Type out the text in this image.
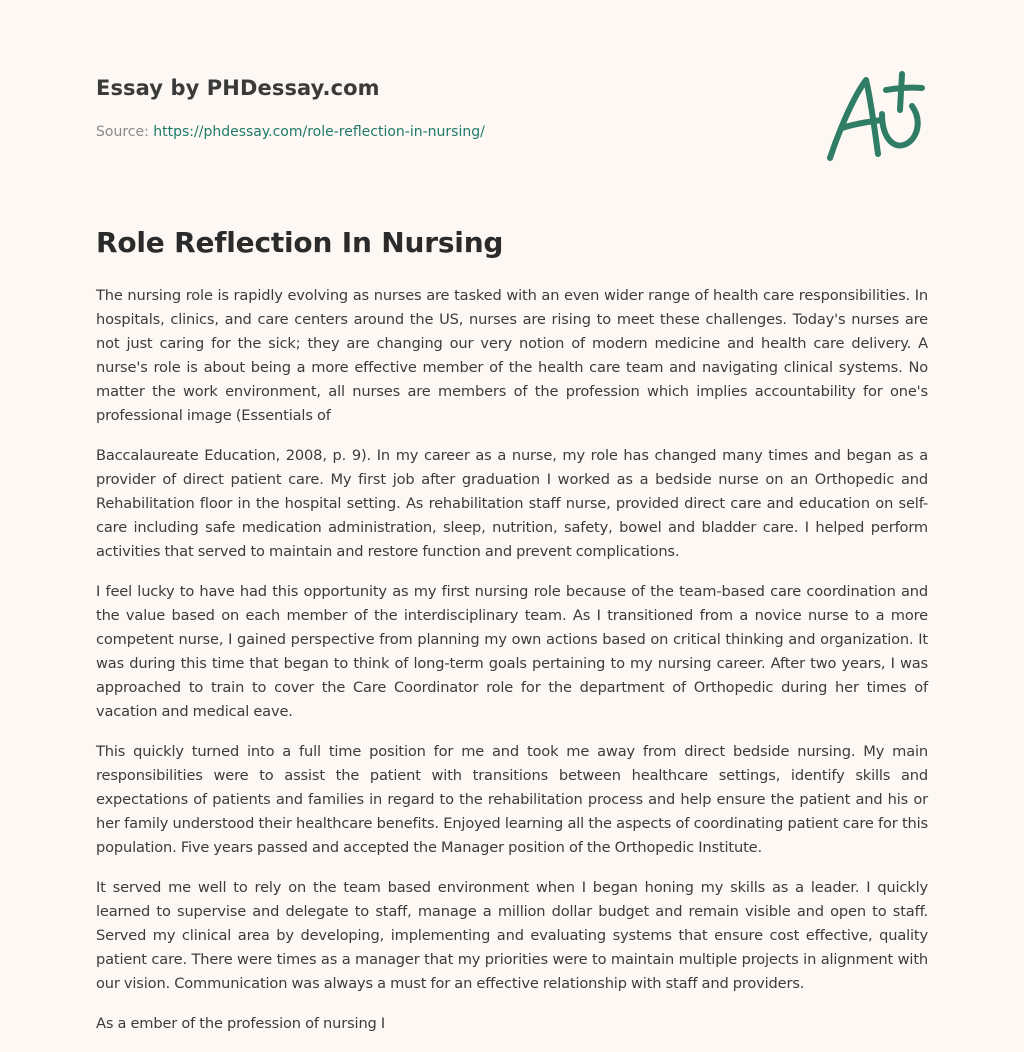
Essay by PHDessay.com
Source: https://phdessay.com/role-reflection-in-nursing/
Role Reflection In Nursing

The nursing role is rapidly evolving as nurses are tasked with an even wider range of health care responsibilities. In hospitals, clinics, and care centers around the US, nurses are rising to meet these challenges. Today's nurses are not just caring for the sick; they are changing our very notion of modern medicine and health care delivery. A nurse's role is about being a more effective member of the health care team and navigating clinical systems. No matter the work environment, all nurses are members of the profession which implies accountability for one's professional image (Essentials of

Baccalaureate Education, 2008, p. 9). In my career as a nurse, my role has changed many times and began as a provider of direct patient care. My first job after graduation I worked as a bedside nurse on an Orthopedic and Rehabilitation floor in the hospital setting. As rehabilitation staff nurse, provided direct care and education on self-care including safe medication administration, sleep, nutrition, safety, bowel and bladder care. I helped perform activities that served to maintain and restore function and prevent complications.

I feel lucky to have had this opportunity as my first nursing role because of the team-based care coordination and the value based on each member of the interdisciplinary team. As I transitioned from a novice nurse to a more competent nurse, I gained perspective from planning my own actions based on critical thinking and organization. It was during this time that began to think of long-term goals pertaining to my nursing career. After two years, I was approached to train to cover the Care Coordinator role for the department of Orthopedic during her times of vacation and medical eave.

This quickly turned into a full time position for me and took me away from direct bedside nursing. My main responsibilities were to assist the patient with transitions between healthcare settings, identify skills and expectations of patients and families in regard to the rehabilitation process and help ensure the patient and his or her family understood their healthcare benefits. Enjoyed learning all the aspects of coordinating patient care for this population. Five years passed and accepted the Manager position of the Orthopedic Institute.

It served me well to rely on the team based environment when I began honing my skills as a leader. I quickly learned to supervise and delegate to staff, manage a million dollar budget and remain visible and open to staff. Served my clinical area by developing, implementing and evaluating systems that ensure cost effective, quality patient care. There were times as a manager that my priorities were to maintain multiple projects in alignment with our vision. Communication was always a must for an effective relationship with staff and providers.

As a ember of the profession of nursing I
